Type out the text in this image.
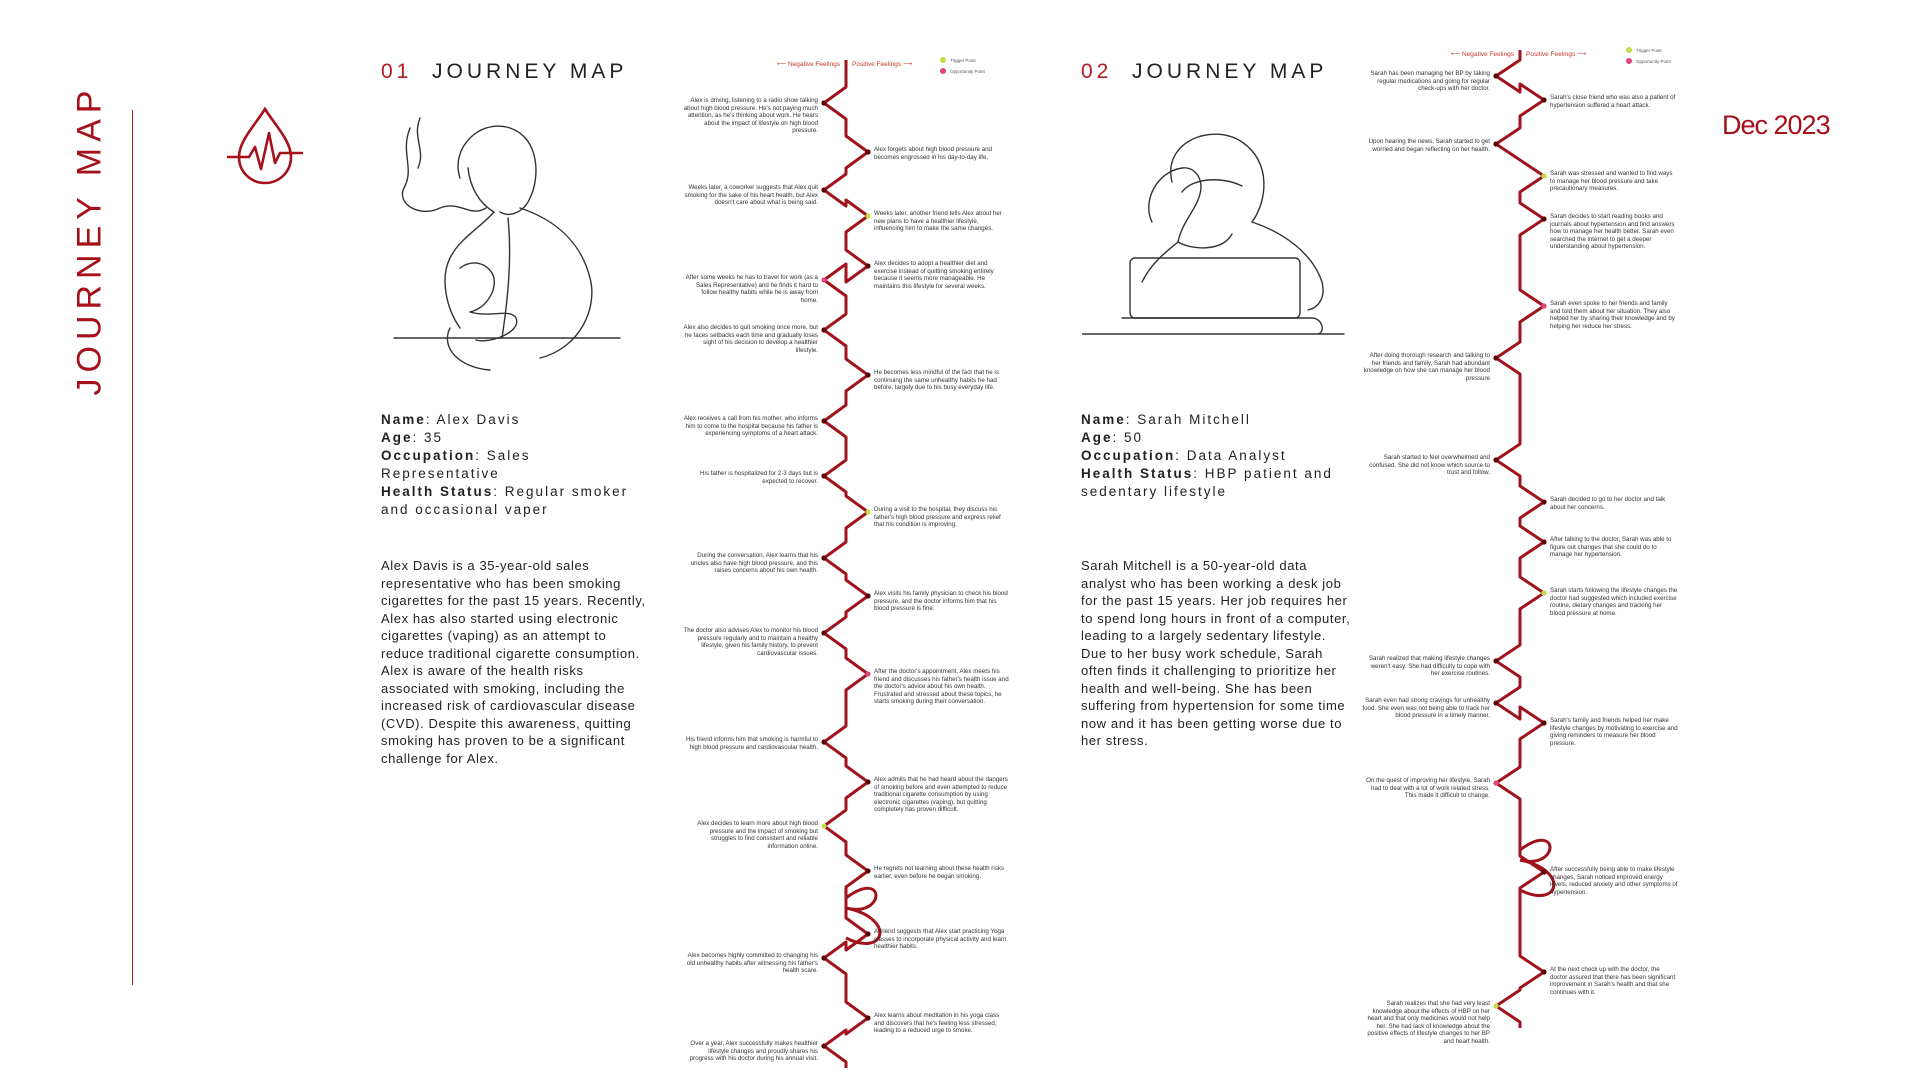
JOURNEY MAP	Dec 2023
01 JOURNEY MAP
Name: Alex Davis
Age: 35
Occupation: Sales Representative
Health Status: Regular smoker and occasional vaper
Alex Davis is a 35-year-old sales representative who has been smoking cigarettes for the past 15 years. Recently, Alex has also started using electronic cigarettes (vaping) as an attempt to reduce traditional cigarette consumption. Alex is aware of the health risks associated with smoking, including the increased risk of cardiovascular disease (CVD). Despite this awareness, quitting smoking has proven to be a significant challenge for Alex.
02 JOURNEY MAP
Name: Sarah Mitchell
Age: 50
Occupation: Data Analyst
Health Status: HBP patient and sedentary lifestyle
Sarah Mitchell is a 50-year-old data analyst who has been working a desk job for the past 15 years. Her job requires her to spend long hours in front of a computer, leading to a largely sedentary lifestyle. Due to her busy work schedule, Sarah often finds it challenging to prioritize her health and well-being. She has been suffering from hypertension for some time now and it has been getting worse due to her stress.
⟵ Negative Feelings Positive Feelings ⟶
Trigger Point
Opportunity Point
Alex is driving, listening to a radio show talking about high blood pressure. He's not paying much attention, as he's thinking about work. He hears about the impact of lifestyle on high blood pressure.
Alex forgets about high blood pressure and becomes engrossed in his day-to-day life.
Weeks later, a coworker suggests that Alex quit smoking for the sake of his heart health, but Alex doesn't care about what is being said.
Weeks later, another friend tells Alex about her new plans to have a healthier lifestyle, influencing him to make the same changes.
Alex decides to adopt a healthier diet and exercise instead of quitting smoking entirely because it seems more manageable. He maintains this lifestyle for several weeks.
After some weeks he has to travel for work (as a Sales Representative) and he finds it hard to follow healthy habits while he is away from home.
Alex also decides to quit smoking once more, but he faces setbacks each time and gradually loses sight of his decision to develop a healthier lifestyle.
He becomes less mindful of the fact that he is continuing the same unhealthy habits he had before, largely due to his busy everyday life.
Alex receives a call from his mother, who informs him to come to the hospital because his father is experiencing symptoms of a heart attack.
His father is hospitalized for 2-3 days but is expected to recover.
During a visit to the hospital, they discuss his father's high blood pressure and express relief that his condition is improving.
During the conversation, Alex learns that his uncles also have high blood pressure, and this raises concerns about his own health.
Alex visits his family physician to check his blood pressure, and the doctor informs him that his blood pressure is fine.
The doctor also advises Alex to monitor his blood pressure regularly and to maintain a healthy lifestyle, given his family history, to prevent cardiovascular issues.
After the doctor's appointment, Alex meets his friend and discusses his father's health issue and the doctor's advice about his own health. Frustrated and stressed about these topics, he starts smoking during their conversation.
His friend informs him that smoking is harmful to high blood pressure and cardiovascular health.
Alex admits that he had heard about the dangers of smoking before and even attempted to reduce traditional cigarette consumption by using electronic cigarettes (vaping), but quitting completely has proven difficult.
Alex decides to learn more about high blood pressure and the impact of smoking but struggles to find consistent and reliable information online.
He regrets not learning about these health risks earlier, even before he began smoking.
A friend suggests that Alex start practicing Yoga classes to incorporate physical activity and learn healthier habits.
Alex becomes highly committed to changing his old unhealthy habits after witnessing his father's health scare.
Alex learns about meditation in his yoga class and discovers that he's feeling less stressed, leading to a reduced urge to smoke.
Over a year, Alex successfully makes healthier lifestyle changes and proudly shares his progress with his doctor during his annual visit.
⟵ Negative Feelings Positive Feelings ⟶
Trigger Point
Opportunity Point
Sarah has been managing her BP by taking regular medications and going for regular check-ups with her doctor.
Sarah's close friend who was also a patient of hypertension suffered a heart attack.
Upon hearing the news, Sarah started to get worried and began reflecting on her health.
Sarah was stressed and wanted to find ways to manage her blood pressure and take precautionary measures.
Sarah decides to start reading books and journals about hypertension and find answers how to manage her health better. Sarah even searched the internet to get a deeper understanding about hypertension.
Sarah even spoke to her friends and family and told them about her situation. They also helped her by sharing their knowledge and by helping her reduce her stress.
After doing thorough research and talking to her friends and family, Sarah had abundant knowledge on how she can manage her blood pressure
Sarah started to feel overwhelmed and confused. She did not know which source to trust and follow.
Sarah decided to go to her doctor and talk about her concerns.
After talking to the doctor, Sarah was able to figure out changes that she could do to manage her hypertension.
Sarah starts following the lifestyle changes the doctor had suggested which included exercise routine, dietary changes and tracking her blood pressure at home.
Sarah realized that making lifestyle changes weren't easy. She had difficulty to cope with her exercise routines.
Sarah even had strong cravings for unhealthy food. She even was not being able to track her blood pressure in a timely manner.
Sarah's family and friends helped her make lifestyle changes by motivating to exercise and giving reminders to measure her blood pressure.
On the quest of improving her lifestyle, Sarah had to deal with a lot of work related stress. This made it difficult to change.
After successfully being able to make lifestyle changes, Sarah noticed improved energy levels, reduced anxiety and other symptoms of hypertension.
At the next check up with the doctor, the doctor assured that there has been significant improvement in Sarah's health and that she continues with it.
Sarah realizes that she had very least knowledge about the effects of HBP on her heart and that only medicines would not help her. She had lack of knowledge about the positive effects of lifestyle changes to her BP and heart health.
